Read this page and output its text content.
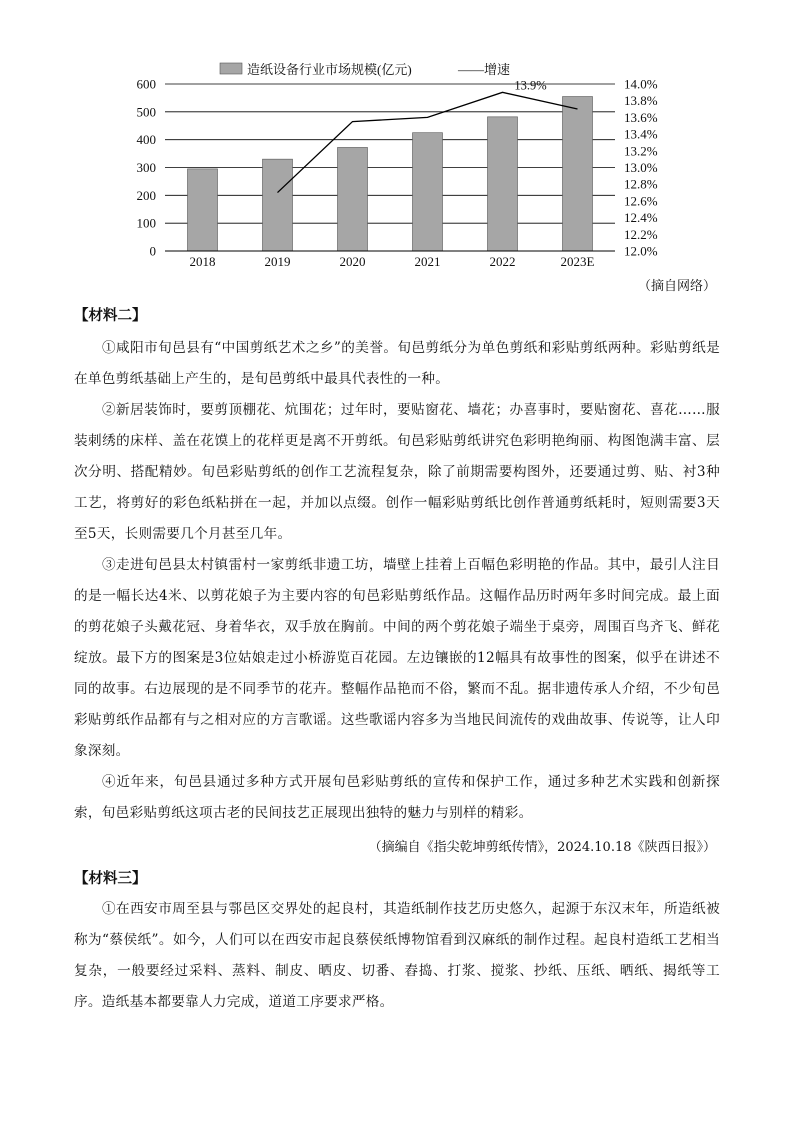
0
100
200
300
400
500
600
12.0%
12.2%
12.4%
12.6%
12.8%
13.0%
13.2%
13.4%
13.6%
13.8%
14.0%
2018	2019	2020	2021	2022	2023E
造纸设备行业市场规模(亿元)	——增速
13.9%
（摘自网络）
【材料二】

①咸阳市旬邑县有“中国剪纸艺术之乡”的美誉。旬邑剪纸分为单色剪纸和彩贴剪纸两种。彩贴剪纸是在单色剪纸基础上产生的，是旬邑剪纸中最具代表性的一种。

②新居装饰时，要剪顶棚花、炕围花；过年时，要贴窗花、墙花；办喜事时，要贴窗花、喜花……服装刺绣的床样、盖在花馍上的花样更是离不开剪纸。旬邑彩贴剪纸讲究色彩明艳绚丽、构图饱满丰富、层次分明、搭配精妙。旬邑彩贴剪纸的创作工艺流程复杂，除了前期需要构图外，还要通过剪、贴、衬3种工艺，将剪好的彩色纸粘拼在一起，并加以点缀。创作一幅彩贴剪纸比创作普通剪纸耗时，短则需要3天至5天，长则需要几个月甚至几年。

③走进旬邑县太村镇雷村一家剪纸非遗工坊，墙壁上挂着上百幅色彩明艳的作品。其中，最引人注目的是一幅长达4米、以剪花娘子为主要内容的旬邑彩贴剪纸作品。这幅作品历时两年多时间完成。最上面的剪花娘子头戴花冠、身着华衣，双手放在胸前。中间的两个剪花娘子端坐于桌旁，周围百鸟齐飞、鲜花绽放。最下方的图案是3位姑娘走过小桥游览百花园。左边镶嵌的12幅具有故事性的图案，似乎在讲述不同的故事。右边展现的是不同季节的花卉。整幅作品艳而不俗，繁而不乱。据非遗传承人介绍，不少旬邑彩贴剪纸作品都有与之相对应的方言歌谣。这些歌谣内容多为当地民间流传的戏曲故事、传说等，让人印象深刻。

④近年来，旬邑县通过多种方式开展旬邑彩贴剪纸的宣传和保护工作，通过多种艺术实践和创新探索，旬邑彩贴剪纸这项古老的民间技艺正展现出独特的魅力与别样的精彩。

（摘编自《指尖乾坤剪纸传情》，2024.10.18《陕西日报》）
【材料三】

①在西安市周至县与鄠邑区交界处的起良村，其造纸制作技艺历史悠久，起源于东汉末年，所造纸被称为“蔡侯纸”。如今，人们可以在西安市起良蔡侯纸博物馆看到汉麻纸的制作过程。起良村造纸工艺相当复杂，一般要经过采料、蒸料、制皮、晒皮、切番、舂捣、打浆、搅浆、抄纸、压纸、晒纸、揭纸等工序。造纸基本都要靠人力完成，道道工序要求严格。
